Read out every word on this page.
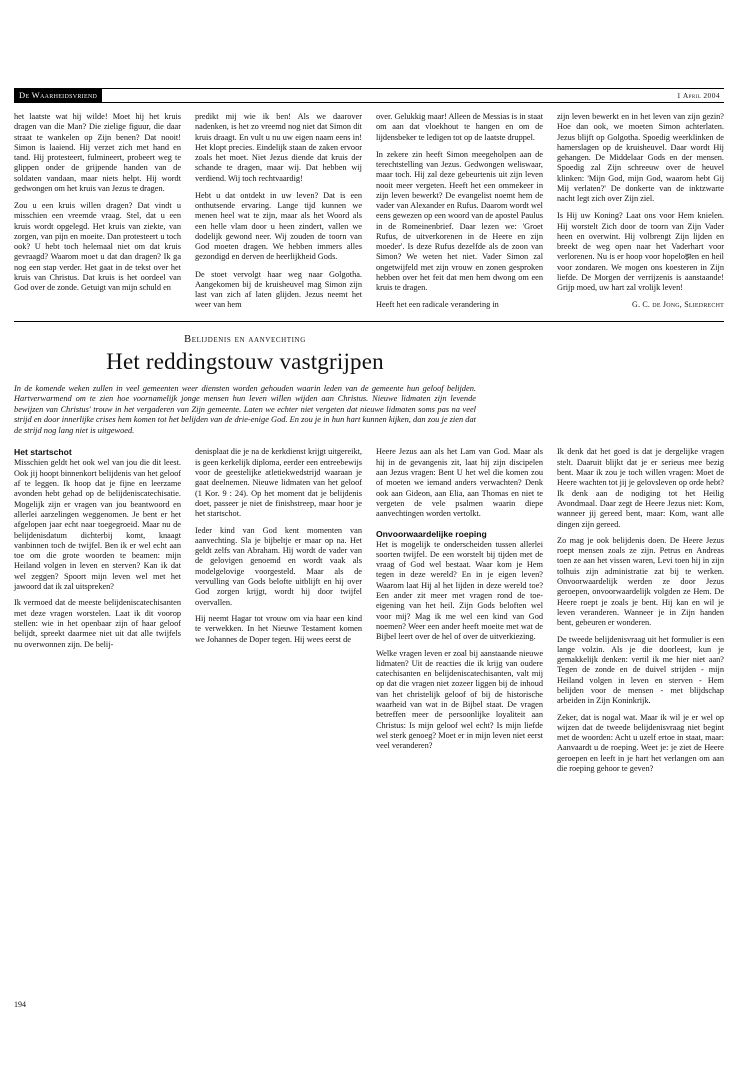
De Waarheidsvriend	1 April 2004

het laatste wat hij wilde! Moet hij het kruis dragen van die Man? Die zielige figuur, die daar straat te wankelen op Zijn benen? Dat nooit! Simon is laaiend. Hij verzet zich met hand en tand. Hij protesteert, fulmineert, probeert weg te glippen onder de grijpende handen van de soldaten vandaan, maar niets helpt. Hij wordt gedwongen om het kruis van Jezus te dragen.

Zou u een kruis willen dragen? Dat vindt u misschien een vreemde vraag. Stel, dat u een kruis wordt opgelegd. Het kruis van ziekte, van zorgen, van pijn en moeite. Dan protesteert u toch ook? U hebt toch helemaal niet om dat kruis gevraagd? Waarom moet u dat dan dragen? Ik ga nog een stap verder. Het gaat in de tekst over het kruis van Christus. Dat kruis is het oordeel van God over de zonde. Getuigt van mijn schuld en

predikt mij wie ik ben! Als we daarover nadenken, is het zo vreemd nog niet dat Simon dit kruis draagt. En vult u nu uw eigen naam eens in! Het klopt precies. Eindelijk staan de zaken ervoor zoals het moet. Niet Jezus diende dat kruis der schande te dragen, maar wij. Dat hebben wij verdiend. Wij toch rechtvaardig!

Hebt u dat ontdekt in uw leven? Dat is een onthutsende ervaring. Lange tijd kunnen we menen heel wat te zijn, maar als het Woord als een helle vlam door u heen zindert, vallen we dodelijk gewond neer. Wij zouden de toorn van God moeten dragen. We hebben immers alles gezondigd en derven de heerlijkheid Gods.

De stoet vervolgt haar weg naar Golgotha. Aangekomen bij de kruisheuvel mag Simon zijn last van zich af laten glijden. Jezus neemt het weer van hem

over. Gelukkig maar! Alleen de Messias is in staat om aan dat vloekhout te hangen en om de lijdensbeker te ledigen tot op de laatste druppel.

In zekere zin heeft Simon meegeholpen aan de terechtstelling van Jezus. Gedwongen weliswaar, maar toch. Hij zal deze gebeurtenis uit zijn leven nooit meer vergeten. Heeft het een ommekeer in zijn leven bewerkt? De evangelist noemt hem de vader van Alexander en Rufus. Daarom wordt wel eens gewezen op een woord van de apostel Paulus in de Romeinenbrief. Daar lezen we: 'Groet Rufus, de uitverkorenen in de Heere en zijn moeder'. Is deze Rufus dezelfde als de zoon van Simon? We weten het niet. Vader Simon zal ongetwijfeld met zijn vrouw en zonen gesproken hebben over het feit dat men hem dwong om een kruis te dragen.

Heeft het een radicale verandering in

zijn leven bewerkt en in het leven van zijn gezin? Hoe dan ook, we moeten Simon achterlaten. Jezus blijft op Golgotha. Spoedig weerklinken de hamerslagen op de kruisheuvel. Daar wordt Hij gehangen. De Middelaar Gods en der mensen. Spoedig zal Zijn schreeuw over de heuvel klinken: 'Mijn God, mijn God, waarom hebt Gij Mij verlaten?' De donkerte van de inktzwarte nacht legt zich over Zijn ziel.

Is Hij uw Koning? Laat ons voor Hem knielen. Hij worstelt Zich door de toorn van Zijn Vader heen en overwint. Hij volbrengt Zijn lijden en breekt de weg open naar het Vaderhart voor verlorenen. Nu is er hoop voor hopeloझen en heil voor zondaren. We mogen ons koesteren in Zijn liefde. De Morgen der verrijzenis is aanstaande! Grijp moed, uw hart zal vrolijk leven!

G. C. de Jong, Sliedrecht

Belijdenis en aanvechting

Het reddingstouw vastgrijpen

In de komende weken zullen in veel gemeenten weer diensten worden gehouden waarin leden van de gemeente hun geloof belijden. Hartverwarmend om te zien hoe voornamelijk jonge mensen hun leven willen wijden aan Christus. Nieuwe lidmaten zijn levende bewijzen van Christus' trouw in het vergaderen van Zijn gemeente. Laten we echter niet vergeten dat nieuwe lidmaten soms pas na veel strijd en door innerlijke crises hem komen tot het belijden van de drie-enige God. En zou je in hun hart kunnen kijken, dan zou je zien dat de strijd nog lang niet is uitgewoed.

Het startschot

Misschien geldt het ook wel van jou die dit leest. Ook jij hoopt binnenkort belijdenis van het geloof af te leggen. Ik hoop dat je fijne en leerzame avonden hebt gehad op de belijdeniscatechisatie. Mogelijk zijn er vragen van jou beantwoord en allerlei aarzelingen weggenomen. Je bent er het afgelopen jaar echt naar toegegroeid. Maar nu de belijdenisdatum dichterbij komt, knaagt vanbinnen toch de twijfel. Ben ik er wel echt aan toe om die grote woorden te beamen: mijn Heiland volgen in leven en sterven? Kan ik dat wel zeggen? Spoort mijn leven wel met het jawoord dat ik zal uitspreken?

Ik vermoed dat de meeste belijdeniscatechisanten met deze vragen worstelen. Laat ik dit voorop stellen: wie in het openbaar zijn of haar geloof belijdt, spreekt daarmee niet uit dat alle twijfels nu overwonnen zijn. De belij-

denisplaat die je na de kerkdienst krijgt uitgereikt, is geen kerkelijk diploma, eerder een entreebewijs voor de geestelijke atletiekwedstrijd waaraan je gaat deelnemen. Nieuwe lidmaten van het geloof (1 Kor. 9 : 24). Op het moment dat je belijdenis doet, passeer je niet de finishstreep, maar hoor je het startschot.

Ieder kind van God kent momenten van aanvechting. Sla je bijbeltje er maar op na. Het geldt zelfs van Abraham. Hij wordt de vader van de gelovigen genoemd en wordt vaak als modelgelovige voorgesteld. Maar als de vervulling van Gods belofte uitblijft en hij over God zorgen krijgt, wordt hij door twijfel overvallen.

Hij neemt Hagar tot vrouw om via haar een kind te verwekken. In het Nieuwe Testament komen we Johannes de Doper tegen. Hij wees eerst de

Heere Jezus aan als het Lam van God. Maar als hij in de gevangenis zit, laat hij zijn discipelen aan Jezus vragen: Bent U het wel die komen zou of moeten we iemand anders verwachten? Denk ook aan Gideon, aan Elia, aan Thomas en niet te vergeten de vele psalmen waarin diepe aanvechtingen worden vertolkt.

Onvoorwaardelijke roeping

Het is mogelijk te onderscheiden tussen allerlei soorten twijfel. De een worstelt bij tijden met de vraag of God wel bestaat. Waar kom je Hem tegen in deze wereld? En in je eigen leven? Waarom laat Hij al het lijden in deze wereld toe? Een ander zit meer met vragen rond de toe-eigening van het heil. Zijn Gods beloften wel voor mij? Mag ik me wel een kind van God noemen? Weer een ander heeft moeite met wat de Bijbel leert over de hel of over de uitverkiezing.

Welke vragen leven er zoal bij aanstaande nieuwe lidmaten? Uit de reacties die ik krijg van oudere catechisanten en belijdeniscatechisanten, valt mij op dat die vragen niet zozeer liggen bij de inhoud van het christelijk geloof of bij de historische waarheid van wat in de Bijbel staat. De vragen betreffen meer de persoonlijke loyaliteit aan Christus: Is mijn geloof wel echt? Is mijn liefde wel sterk genoeg? Moet er in mijn leven niet eerst veel veranderen?

Ik denk dat het goed is dat je dergelijke vragen stelt. Daaruit blijkt dat je er serieus mee bezig bent. Maar ik zou je toch willen vragen: Moet de Heere wachten tot jij je gelovsleven op orde hebt? Ik denk aan de nodiging tot het Heilig Avondmaal. Daar zegt de Heere Jezus niet: Kom, wanneer jij gereed bent, maar: Kom, want alle dingen zijn gereed.

Zo mag je ook belijdenis doen. De Heere Jezus roept mensen zoals ze zijn. Petrus en Andreas toen ze aan het vissen waren, Levi toen hij in zijn tolhuis zijn administratie zat bij te werken. Onvoorwaardelijk werden ze door Jezus geroepen, onvoorwaardelijk volgden ze Hem. De Heere roept je zoals je bent. Hij kan en wil je leven veranderen. Wanneer je in Zijn handen bent, gebeuren er wonderen.

De tweede belijdenisvraag uit het formulier is een lange volzin. Als je die doorleest, kun je gemakkelijk denken: vertil ik me hier niet aan? Tegen de zonde en de duivel strijden - mijn Heiland volgen in leven en sterven - Hem belijden voor de mensen - met blijdschap arbeiden in Zijn Koninkrijk.

Zeker, dat is nogal wat. Maar ik wil je er wel op wijzen dat de tweede belijdenisvraag niet begint met de woorden: Acht u uzelf ertoe in staat, maar: Aanvaardt u de roeping. Weet je: je ziet de Heere geroepen en leeft in je hart het verlangen om aan die roeping gehoor te geven?

194
